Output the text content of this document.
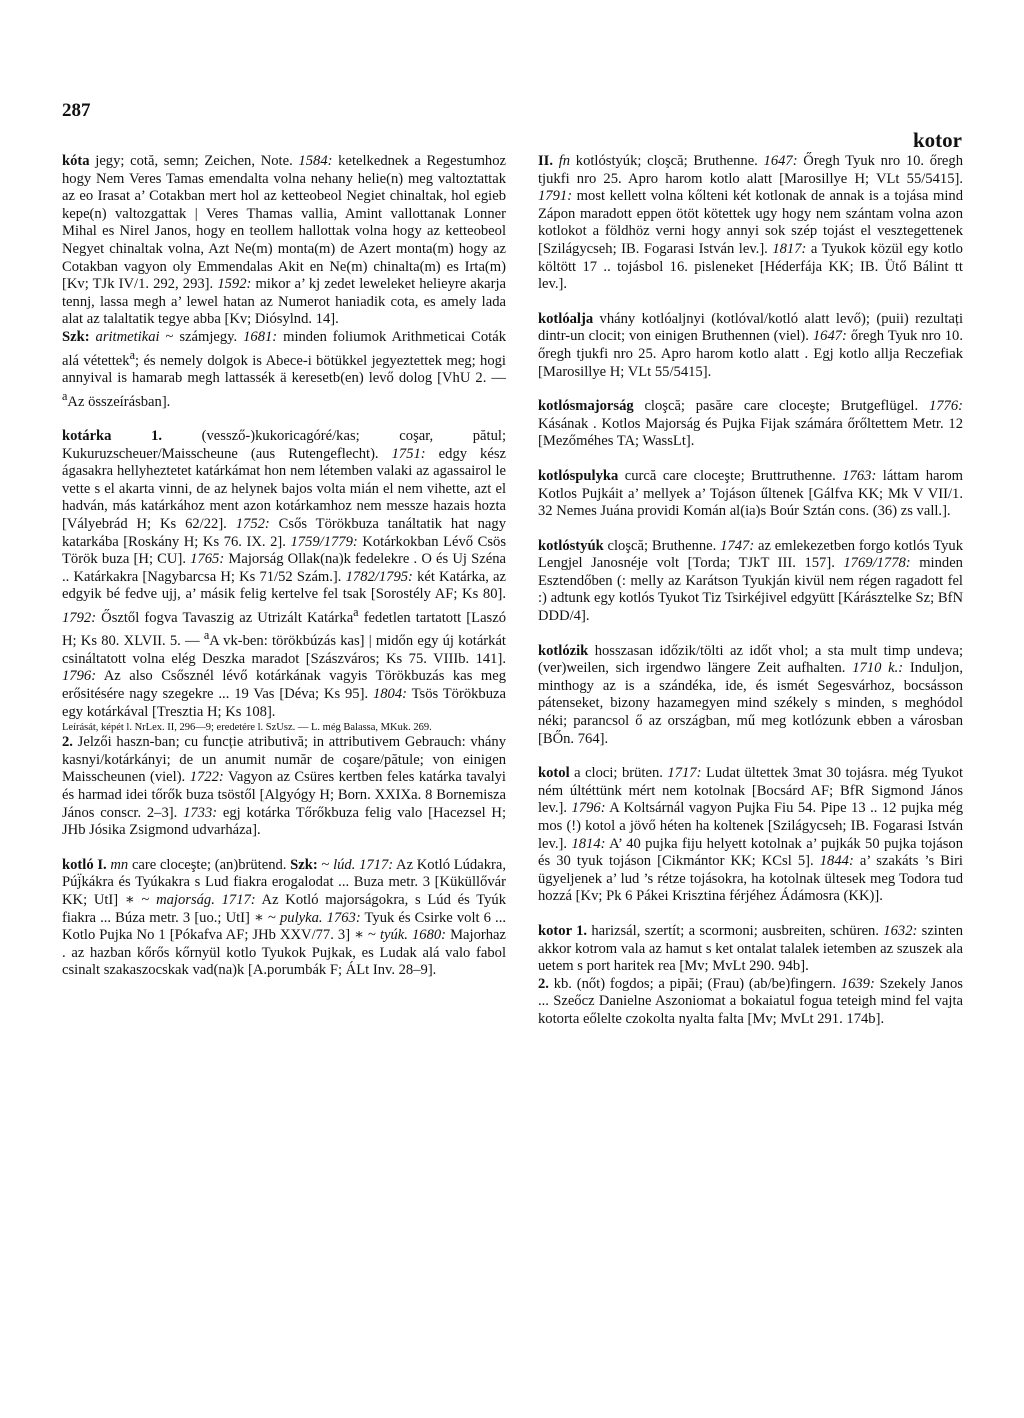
287
kotor

kóta jegy; cotă, semn; Zeichen, Note. 1584: ketelkednek a Regestumhoz hogy Nem Veres Tamas emendalta volna nehany helie(n) meg valtoztattak az eo Irasat a’ Cotakban mert hol az ketteobeol Negiet chinaltak, hol egieb kepe(n) valtozgattak | Veres Thamas vallia, Amint vallottanak Lonner Mihal es Nirel Janos, hogy en teollem hallottak volna hogy az ketteobeol Negyet chinaltak volna, Azt Ne(m) monta(m) de Azert monta(m) hogy az Cotakban vagyon oly Emmendalas Akit en Ne(m) chinalta(m) es Irta(m) [Kv; TJk IV/1. 292, 293]. 1592: mikor a’ kj zedet leweleket helieyre akarja tennj, lassa megh a’ lewel hatan az Numerot haniadik cota, es amely lada alat az talaltatik tegye abba [Kv; Diósylnd. 14].

Szk: aritmetikai ~ számjegy. 1681: minden foliumok Arithmeticai Coták alá vétettek$^a$; és nemely dolgok is Abece-i bötükkel jegyeztettek meg; hogi annyival is hamarab megh lattassék ä keresetb(en) levő dolog [VhU 2. — $^a$Az összeírásban].

kotárka 1. (vessző-)kukoricagóré/kas; coşar, pătul; Kukuruzscheuer/Maisscheune (aus Rutengeflecht). 1751: edgy kész ágasakra hellyheztetet katárkámat hon nem létemben valaki az agassairol le vette s el akarta vinni, de az helynek bajos volta mián el nem vihette, azt el hadván, más katárkához ment azon kotárkamhoz nem messze hazais hozta [Vályebrád H; Ks 62/22]. 1752: Csős Törökbuza tanáltatik hat nagy katarkába [Roskány H; Ks 76. IX. 2]. 1759/1779: Kotárkokban Lévő Csös Török buza [H; CU]. 1765: Majorság Ollak(na)k fedelekre . O és Uj Széna .. Katárkakra [Nagybarcsa H; Ks 71/52 Szám.]. 1782/1795: két Katárka, az edgyik bé fedve ujj, a’ másik felig kertelve fel tsak [Sorostély AF; Ks 80]. 1792: Ősztől fogva Tavaszig az Utrizált Katárka$^a$ fedetlen tartatott [Laszó H; Ks 80. XLVII. 5. — $^a$A vk-ben: törökbúzás kas] | midőn egy új kotárkát csináltatott volna elég Deszka maradot [Szászváros; Ks 75. VIIIb. 141]. 1796: Az also Csősznél lévő kotárkának vagyis Törökbuzás kas meg erősitésére nagy szegekre ... 19 Vas [Déva; Ks 95]. 1804: Tsös Törökbuza egy kotárkával [Tresztia H; Ks 108].

Leírását, képét l. NrLex. II, 296—9; eredetére l. SzUsz. — L. még Balassa, MKuk. 269.

2. Jelzői haszn-ban; cu funcție atributivă; in attributivem Gebrauch: vhány kasnyi/kotárkányi; de un anumit număr de coşare/pătule; von einigen Maisscheunen (viel). 1722: Vagyon az Csüres kertben feles katárka tavalyi és harmad idei tőrők buza tsöstől [Algyógy H; Born. XXIXa. 8 Bornemisza János conscr. 2–3]. 1733: egj kotárka Tőrőkbuza felig valo [Hacezsel H; JHb Jósika Zsigmond udvarháza].

kotló I. mn care cloceşte; (an)brütend. Szk: ~ lúd. 1717: Az Kotló Lúdakra, Púj̈kákra és Tyúkakra s Lud fiakra erogalodat ... Buza metr. 3 [Küküllővár KK; UtI] ∗ ~ majorság. 1717: Az Kotló majorságokra, s Lúd és Tyúk fiakra ... Búza metr. 3 [uo.; UtI] ∗ ~ pulyka. 1763: Tyuk és Csirke volt 6 ... Kotlo Pujka No 1 [Pókafva AF; JHb XXV/77. 3] ∗ ~ tyúk. 1680: Majorhaz . az hazban kőrős kőrnyül kotlo Tyukok Pujkak, es Ludak alá valo fabol csinalt szakaszocskak vad(na)k [A.porumbák F; ÁLt Inv. 28–9].

II. fn kotlóstyúk; cloşcă; Bruthenne. 1647: Őregh Tyuk nro 10. őregh tjukfi nro 25. Apro harom kotlo alatt [Marosillye H; VLt 55/5415]. 1791: most kellett volna kőlteni két kotlonak de annak is a tojása mind Zápon maradott eppen ötöt kötettek ugy hogy nem szántam volna azon kotlokot a földhöz verni hogy annyi sok szép tojást el vesztegettenek [Szilágycseh; IB. Fogarasi István lev.]. 1817: a Tyukok közül egy kotlo költött 17 .. tojásbol 16. pisleneket [Héderfája KK; IB. Ütő Bálint tt lev.].

kotlóalja vhány kotlóaljnyi (kotlóval/kotló alatt levő); (puii) rezultați dintr-un clocit; von einigen Bruthennen (viel). 1647: őregh Tyuk nro 10. őregh tjukfi nro 25. Apro harom kotlo alatt . Egj kotlo allja Reczefiak [Marosillye H; VLt 55/5415].

kotlósmajorság cloşcă; pasăre care cloceşte; Brutgeflügel. 1776: Kásának . Kotlos Majorság és Pujka Fijak számára őrőltettem Metr. 12 [Mezőméhes TA; WassLt].

kotlóspulyka curcă care cloceşte; Bruttruthenne. 1763: láttam harom Kotlos Pujkáit a’ mellyek a’ Tojáson űltenek [Gálfva KK; Mk V VII/1. 32 Nemes Juána providi Komán al(ia)s Boúr Sztán cons. (36) zs vall.].

kotlóstyúk cloşcă; Bruthenne. 1747: az emlekezetben forgo kotlós Tyuk Lengjel Janosnéje volt [Torda; TJkT III. 157]. 1769/1778: minden Esztendőben (: melly az Karátson Tyukján kivül nem régen ragadott fel :) adtunk egy kotlós Tyukot Tiz Tsirkéjivel edgyütt [Kárásztelke Sz; BfN DDD/4].

kotlózik hosszasan időzik/tölti az időt vhol; a sta mult timp undeva; (ver)weilen, sich irgendwo längere Zeit aufhalten. 1710 k.: Induljon, minthogy az is a szándéka, ide, és ismét Segesvárhoz, bocsásson pátenseket, bizony hazamegyen mind székely s minden, s meghódol néki; parancsol ő az országban, mű meg kotlózunk ebben a városban [BŐn. 764].

kotol a cloci; brüten. 1717: Ludat ültettek 3mat 30 tojásra. még Tyukot ném últéttünk mért nem kotolnak [Bocsárd AF; BfR Sigmond János lev.]. 1796: A Koltsárnál vagyon Pujka Fiu 54. Pipe 13 .. 12 pujka még mos (!) kotol a jövő héten ha koltenek [Szilágycseh; IB. Fogarasi István lev.]. 1814: A’ 40 pujka fiju helyett kotolnak a’ pujkák 50 pujka tojáson és 30 tyuk tojáson [Cikmántor KK; KCsl 5]. 1844: a’ szakáts ’s Biri ügyeljenek a’ lud ’s rétze tojásokra, ha kotolnak ültesek meg Todora tud hozzá [Kv; Pk 6 Pákei Krisztina férjéhez Ádámosra (KK)].

kotor 1. harizsál, szertít; a scormoni; ausbreiten, schüren. 1632: szinten akkor kotrom vala az hamut s ket ontalat talalek ietemben az szuszek ala uetem s port haritek rea [Mv; MvLt 290. 94b].

2. kb. (nőt) fogdos; a pipăi; (Frau) (ab/be)fingern. 1639: Szekely Janos ... Szeőcz Danielne Aszoniomat a bokaiatul fogua teteigh mind fel vajta kotorta eőlelte czokolta nyalta falta [Mv; MvLt 291. 174b].
